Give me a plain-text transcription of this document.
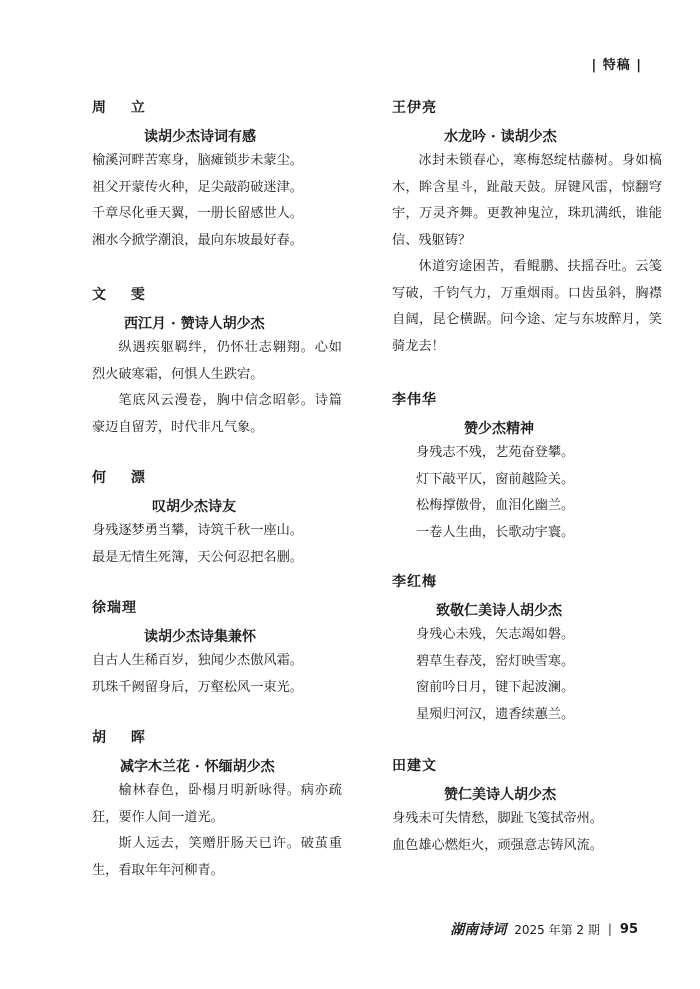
| 特稿 |
周 立
读胡少杰诗词有感
榆溪河畔苦寒身，脑瘫锁步未蒙尘。
祖父开蒙传火种，足尖敲韵破迷津。
千章尽化垂天翼，一册长留感世人。
湘水今掀学潮浪，最向东坡最好春。
文 雯
西江月 · 赞诗人胡少杰

纵遇疾躯羁绊，仍怀壮志翱翔。心如烈火破寒霜，何惧人生跌宕。

笔底风云漫卷，胸中信念昭彰。诗篇豪迈自留芳，时代非凡气象。

何 漂
叹胡少杰诗友
身残逐梦勇当攀，诗筑千秋一座山。
最是无情生死簿，天公何忍把名删。
徐瑞理
读胡少杰诗集兼怀
自古人生稀百岁，独闻少杰傲风霜。
玑珠千阙留身后，万壑松风一束光。
胡 晖
减字木兰花 · 怀缅胡少杰

榆林春色，卧榻月明新咏得。病亦疏狂，要作人间一道光。

斯人远去，笑赠肝肠天已许。破茧重生，看取年年河柳青。

王伊亮
水龙吟 · 读胡少杰

冰封未锁春心，寒梅怒绽枯藤树。身如槁木，眸含星斗，趾敲天鼓。屏键风雷，惊翻穹宇，万灵齐舞。更教神鬼泣，珠玑满纸，谁能信、残躯铸？

休道穷途困苦，看鲲鹏、扶摇吞吐。云笺写破，千钧气力，万重烟雨。口齿虽斜，胸襟自阔，昆仑横踞。问今途、定与东坡醉月，笑骑龙去！

李伟华
赞少杰精神
身残志不残，艺苑奋登攀。
灯下敲平仄，窗前越险关。
松梅撑傲骨，血泪化幽兰。
一卷人生曲，长歌动宇寰。
李红梅
致敬仁美诗人胡少杰
身残心未残，矢志竭如磐。
碧草生春茂，窑灯映雪寒。
窗前吟日月，键下起波澜。
星殒归河汉，遗香续蕙兰。
田建文
赞仁美诗人胡少杰
身残未可失情愁，脚趾飞笺拭帝州。
血色雄心燃炬火，顽强意志铸风流。
湖南诗词 2025 年第 2 期 | 95
